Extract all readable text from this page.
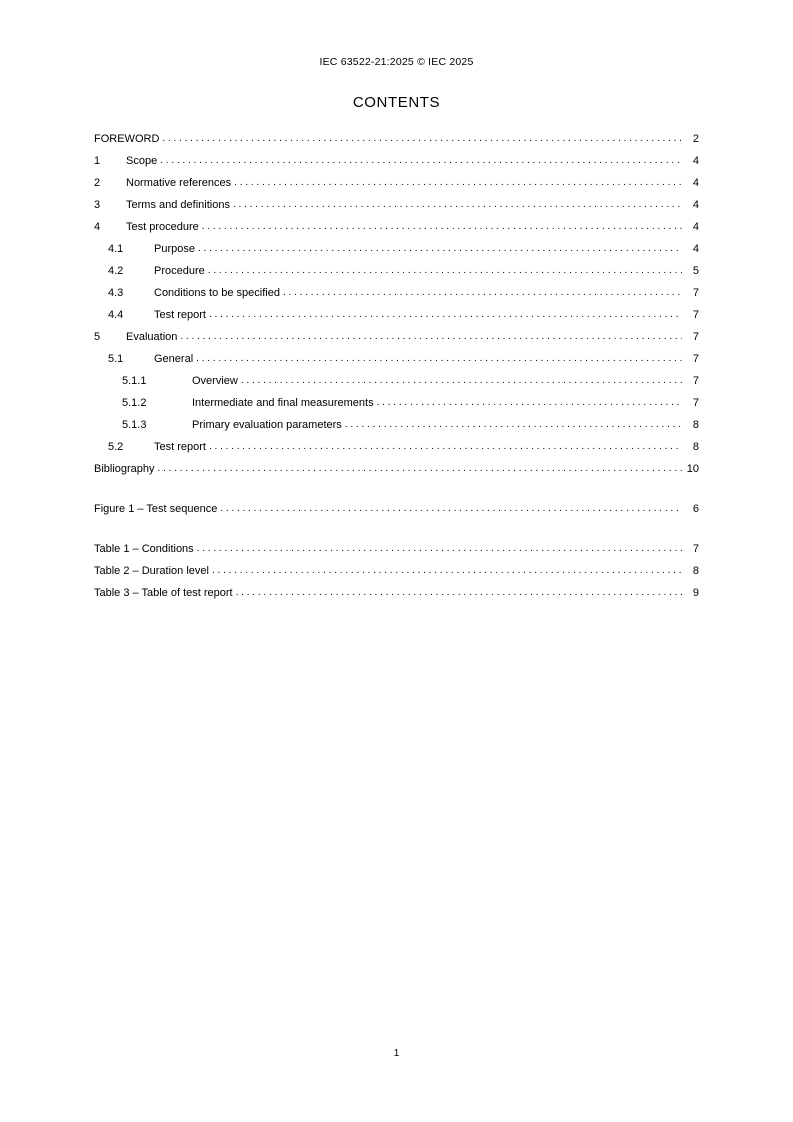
IEC 63522-21:2025 © IEC 2025
CONTENTS
FOREWORD . . .	2
1	Scope . . .	4
2	Normative references . . .	4
3	Terms and definitions . . .	4
4	Test procedure . . .	4
4.1	Purpose . . .	4
4.2	Procedure . . .	5
4.3	Conditions to be specified . . .	7
4.4	Test report . . .	7
5	Evaluation . . .	7
5.1	General . . .	7
5.1.1	Overview . . .	7
5.1.2	Intermediate and final measurements . . .	7
5.1.3	Primary evaluation parameters . . .	8
5.2	Test report . . .	8
Bibliography . . .	10
Figure 1 – Test sequence . . .	6
Table 1 – Conditions . . .	7
Table 2 – Duration level . . .	8
Table 3 – Table of test report . . .	9
1
